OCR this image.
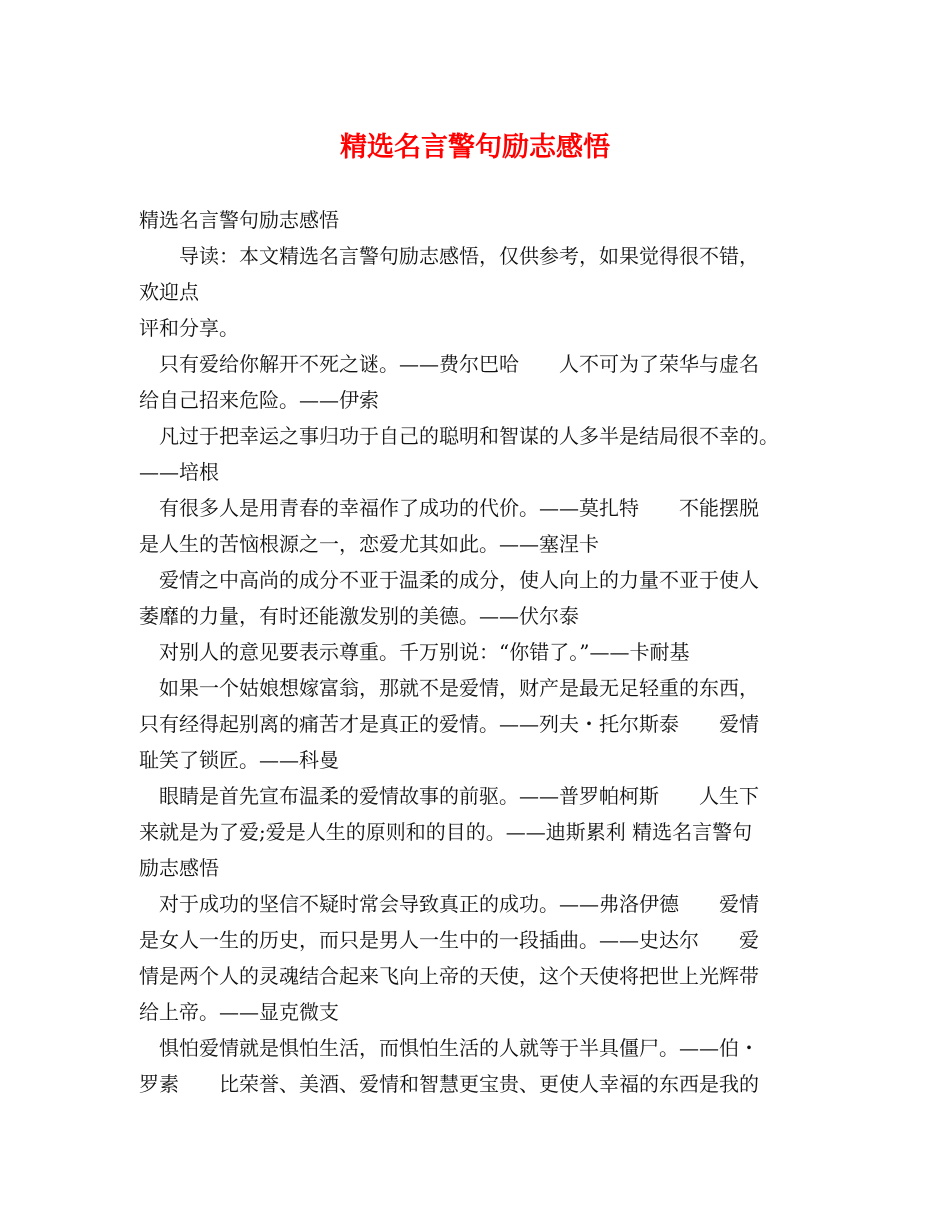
精选名言警句励志感悟
精选名言警句励志感悟
　　导读：本文精选名言警句励志感悟，仅供参考，如果觉得很不错，
欢迎点
评和分享。
　只有爱给你解开不死之谜。——费尔巴哈　　人不可为了荣华与虚名
给自己招来危险。——伊索
　凡过于把幸运之事归功于自己的聪明和智谋的人多半是结局很不幸的。
——培根
　有很多人是用青春的幸福作了成功的代价。——莫扎特　　不能摆脱
是人生的苦恼根源之一，恋爱尤其如此。——塞涅卡
　爱情之中高尚的成分不亚于温柔的成分，使人向上的力量不亚于使人
萎靡的力量，有时还能激发别的美德。——伏尔泰
　对别人的意见要表示尊重。千万别说：“你错了。”——卡耐基
　如果一个姑娘想嫁富翁，那就不是爱情，财产是最无足轻重的东西，
只有经得起别离的痛苦才是真正的爱情。——列夫・托尔斯泰　　爱情
耻笑了锁匠。——科曼
　眼睛是首先宣布温柔的爱情故事的前驱。——普罗帕柯斯　　人生下
来就是为了爱;爱是人生的原则和的目的。——迪斯累利 精选名言警句
励志感悟
　对于成功的坚信不疑时常会导致真正的成功。——弗洛伊德　　爱情
是女人一生的历史，而只是男人一生中的一段插曲。——史达尔　　爱
情是两个人的灵魂结合起来飞向上帝的天使，这个天使将把世上光辉带
给上帝。——显克微支
　惧怕爱情就是惧怕生活，而惧怕生活的人就等于半具僵尸。——伯・
罗素　　比荣誉、美酒、爱情和智慧更宝贵、更使人幸福的东西是我的
